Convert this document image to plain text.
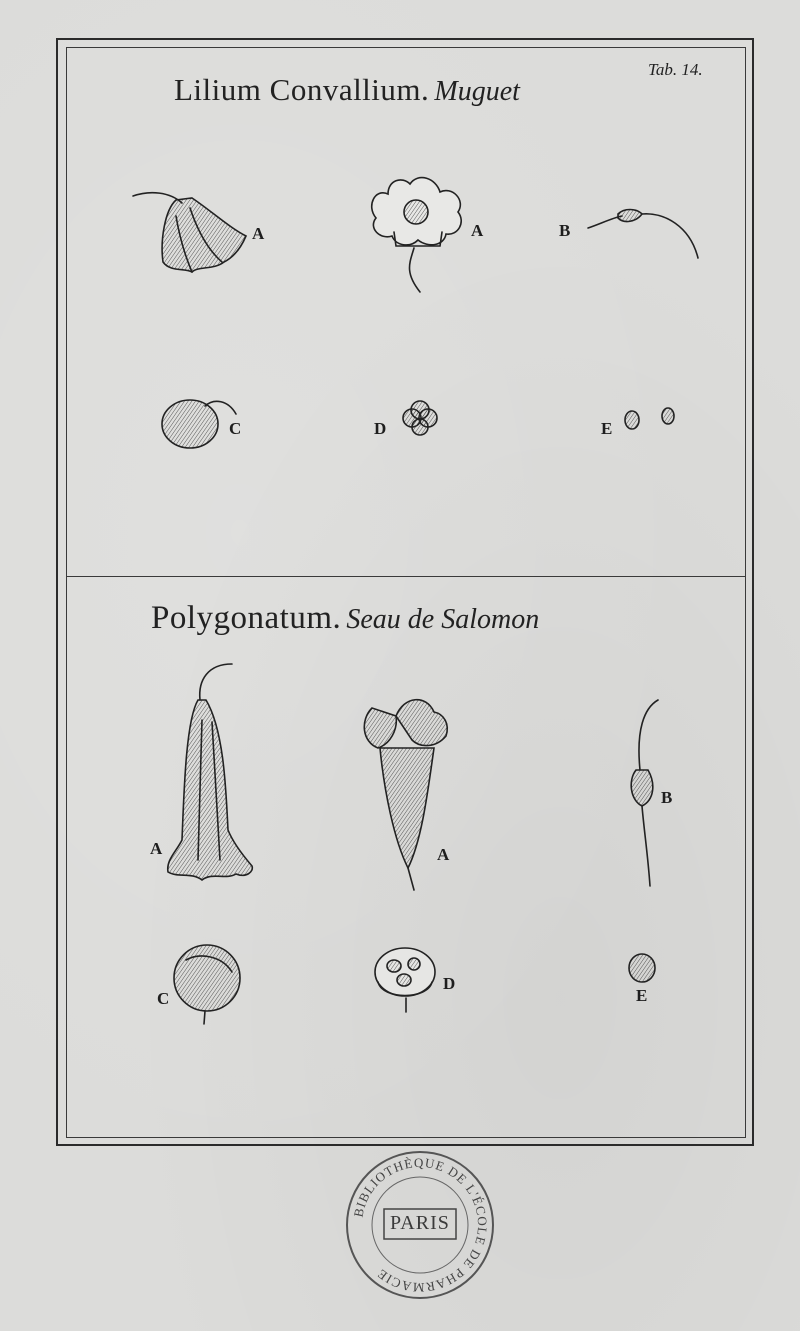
Tab. 14.
Lilium Convallium. Muguet
Polygonatum. Seau de Salomon
A	A	B
C	D	E
A	A
B
C
D
E
PARIS
BIBLIOTHÈQUE DE L'ÉCOLE DE PHARMACIE
